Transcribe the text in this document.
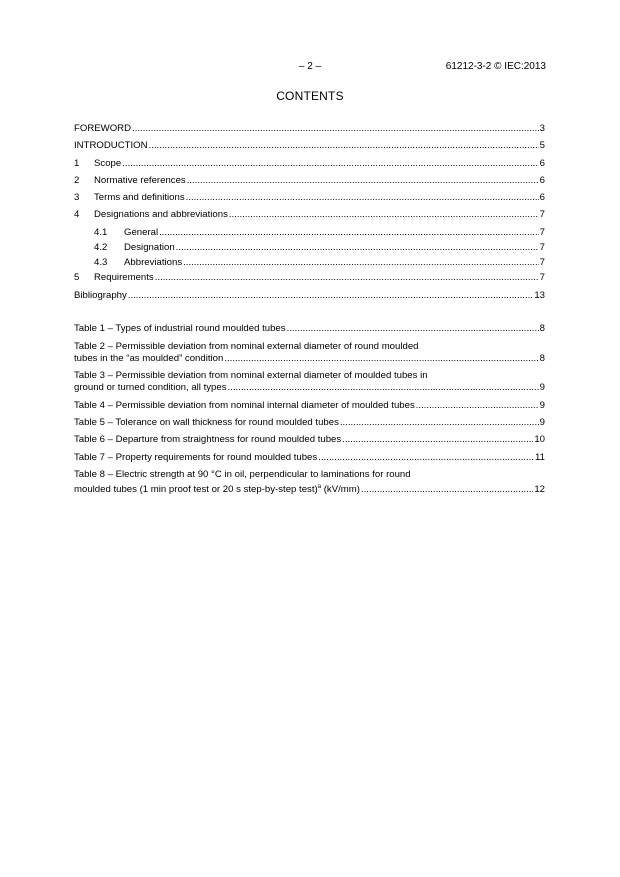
– 2 –	61212-3-2 © IEC:2013
CONTENTS
FOREWORD .....	3
INTRODUCTION .....	5
1	Scope .....	6
2	Normative references .....	6
3	Terms and definitions .....	6
4	Designations and abbreviations .....	7
4.1	General .....	7
4.2	Designation .....	7
4.3	Abbreviations .....	7
5	Requirements .....	7
Bibliography .....	13
Table 1 – Types of industrial round moulded tubes .....	8
Table 2 – Permissible deviation from nominal external diameter of round moulded
tubes in the “as moulded” condition .....	8
Table 3 – Permissible deviation from nominal external diameter of moulded tubes in
ground or turned condition, all types .....	9
Table 4 – Permissible deviation from nominal internal diameter of moulded tubes .....	9
Table 5 – Tolerance on wall thickness for round moulded tubes .....	9
Table 6 – Departure from straightness for round moulded tubes .....	10
Table 7 – Property requirements for round moulded tubes .....	11
Table 8 – Electric strength at 90 °C in oil, perpendicular to laminations for round
moulded tubes (1 min proof test or 20 s step-by-step test)$^a$ (kV/mm) .....	12
